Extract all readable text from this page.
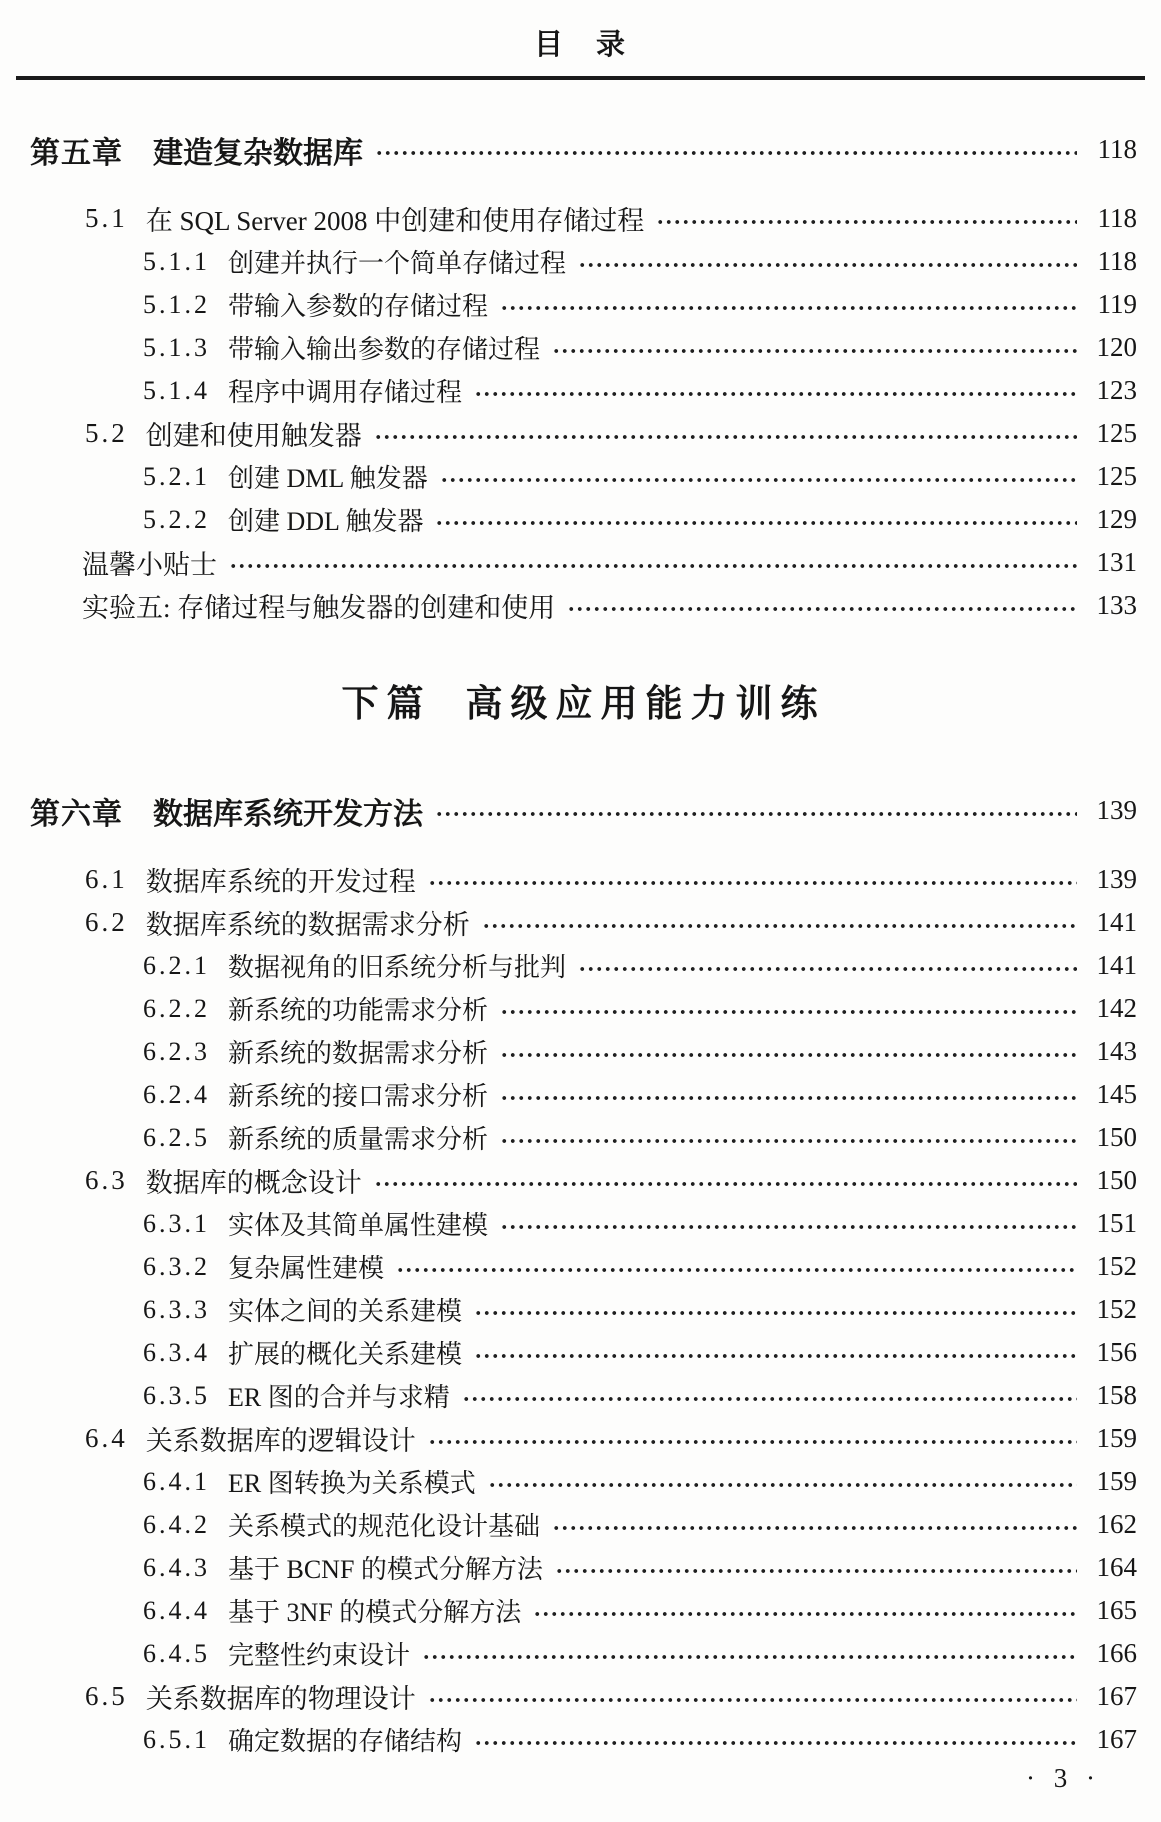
目　录
第五章 建造复杂数据库	118
5.1 在 SQL Server 2008 中创建和使用存储过程	118
5.1.1 创建并执行一个简单存储过程	118
5.1.2 带输入参数的存储过程	119
5.1.3 带输入输出参数的存储过程	120
5.1.4 程序中调用存储过程	123
5.2 创建和使用触发器	125
5.2.1 创建 DML 触发器	125
5.2.2 创建 DDL 触发器	129
温馨小贴士	131
实验五: 存储过程与触发器的创建和使用	133
下篇 高级应用能力训练
第六章 数据库系统开发方法	139
6.1 数据库系统的开发过程	139
6.2 数据库系统的数据需求分析	141
6.2.1 数据视角的旧系统分析与批判	141
6.2.2 新系统的功能需求分析	142
6.2.3 新系统的数据需求分析	143
6.2.4 新系统的接口需求分析	145
6.2.5 新系统的质量需求分析	150
6.3 数据库的概念设计	150
6.3.1 实体及其简单属性建模	151
6.3.2 复杂属性建模	152
6.3.3 实体之间的关系建模	152
6.3.4 扩展的概化关系建模	156
6.3.5 ER 图的合并与求精	158
6.4 关系数据库的逻辑设计	159
6.4.1 ER 图转换为关系模式	159
6.4.2 关系模式的规范化设计基础	162
6.4.3 基于 BCNF 的模式分解方法	164
6.4.4 基于 3NF 的模式分解方法	165
6.4.5 完整性约束设计	166
6.5 关系数据库的物理设计	167
6.5.1 确定数据的存储结构	167
· 3 ·
